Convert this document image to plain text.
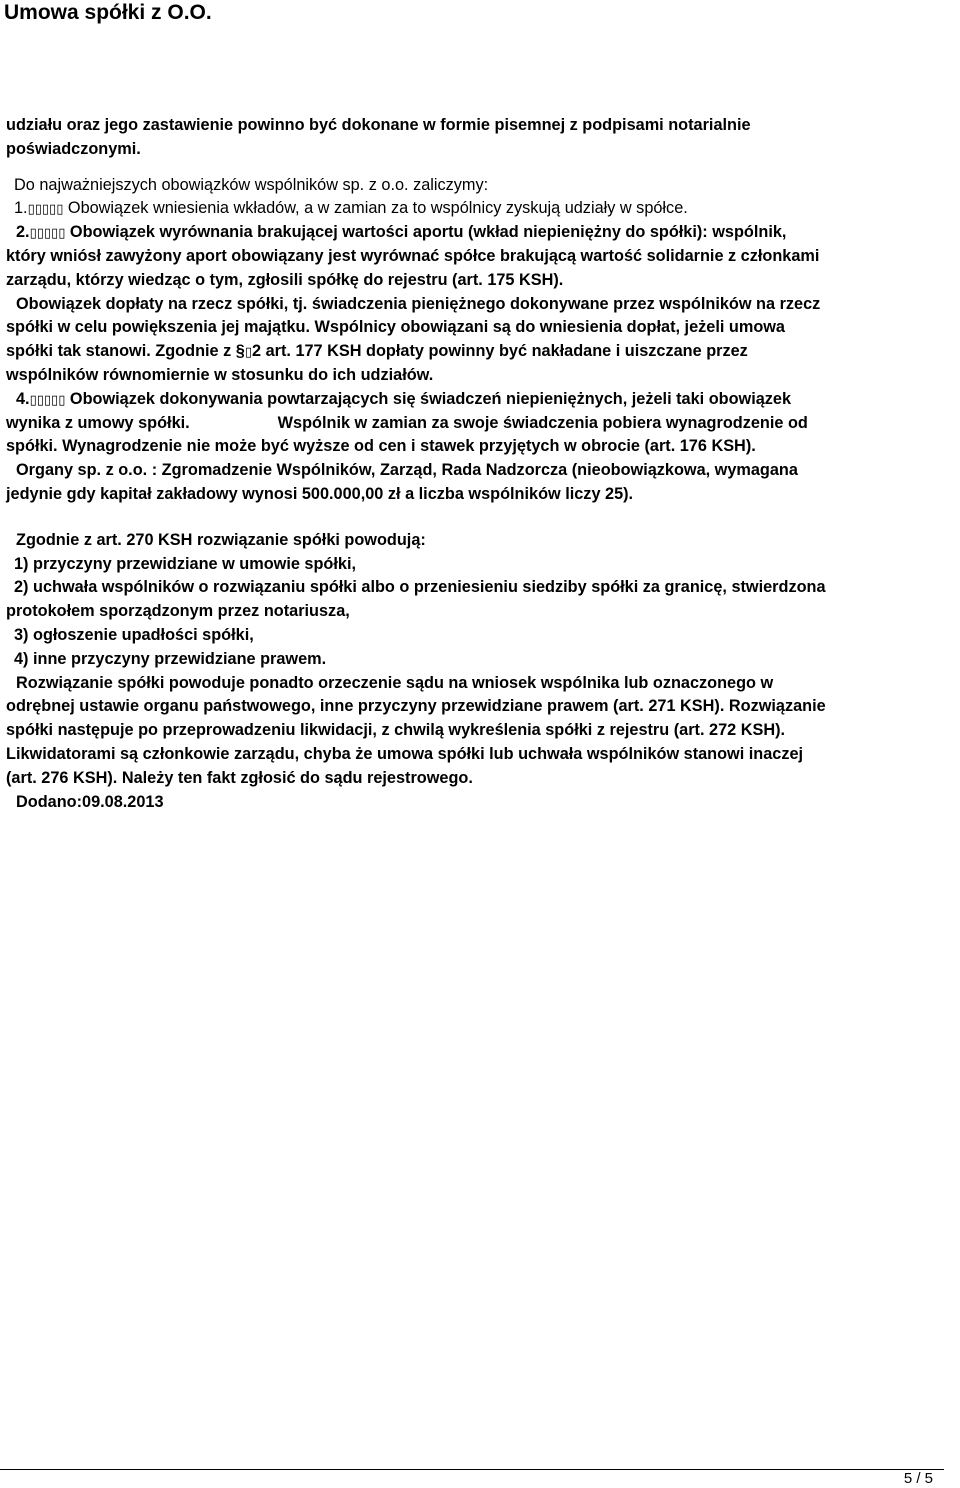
Umowa spółki z O.O.
udziału oraz jego zastawienie powinno być dokonane w formie pisemnej z podpisami notarialnie
poświadczonymi.
Do najważniejszych obowiązków wspólników sp. z o.o. zaliczymy:
1.▯▯▯▯▯ Obowiązek wniesienia wkładów, a w zamian za to wspólnicy zyskują udziały w spółce.
2.▯▯▯▯▯ Obowiązek wyrównania brakującej wartości aportu (wkład niepieniężny do spółki): wspólnik,
który wniósł zawyżony aport obowiązany jest wyrównać spółce brakującą wartość solidarnie z członkami
zarządu, którzy wiedząc o tym, zgłosili spółkę do rejestru (art. 175 KSH).
Obowiązek dopłaty na rzecz spółki, tj. świadczenia pieniężnego dokonywane przez wspólników na rzecz
spółki w celu powiększenia jej majątku. Wspólnicy obowiązani są do wniesienia dopłat, jeżeli umowa
spółki tak stanowi. Zgodnie z §▯2 art. 177 KSH dopłaty powinny być nakładane i uiszczane przez
wspólników równomiernie w stosunku do ich udziałów.
4.▯▯▯▯▯ Obowiązek dokonywania powtarzających się świadczeń niepieniężnych, jeżeli taki obowiązek
wynika z umowy spółki.	Wspólnik w zamian za swoje świadczenia pobiera wynagrodzenie od
spółki. Wynagrodzenie nie może być wyższe od cen i stawek przyjętych w obrocie (art. 176 KSH).
Organy sp. z o.o. : Zgromadzenie Wspólników, Zarząd, Rada Nadzorcza (nieobowiązkowa, wymagana
jedynie gdy kapitał zakładowy wynosi 500.000,00 zł a liczba wspólników liczy 25).
Zgodnie z art. 270 KSH rozwiązanie spółki powodują:
1) przyczyny przewidziane w umowie spółki,
2) uchwała wspólników o rozwiązaniu spółki albo o przeniesieniu siedziby spółki za granicę, stwierdzona
protokołem sporządzonym przez notariusza,
3) ogłoszenie upadłości spółki,
4) inne przyczyny przewidziane prawem.
Rozwiązanie spółki powoduje ponadto orzeczenie sądu na wniosek wspólnika lub oznaczonego w
odrębnej ustawie organu państwowego, inne przyczyny przewidziane prawem (art. 271 KSH). Rozwiązanie
spółki następuje po przeprowadzeniu likwidacji, z chwilą wykreślenia spółki z rejestru (art. 272 KSH).
Likwidatorami są członkowie zarządu, chyba że umowa spółki lub uchwała wspólników stanowi inaczej
(art. 276 KSH). Należy ten fakt zgłosić do sądu rejestrowego.
Dodano:09.08.2013
5 / 5
